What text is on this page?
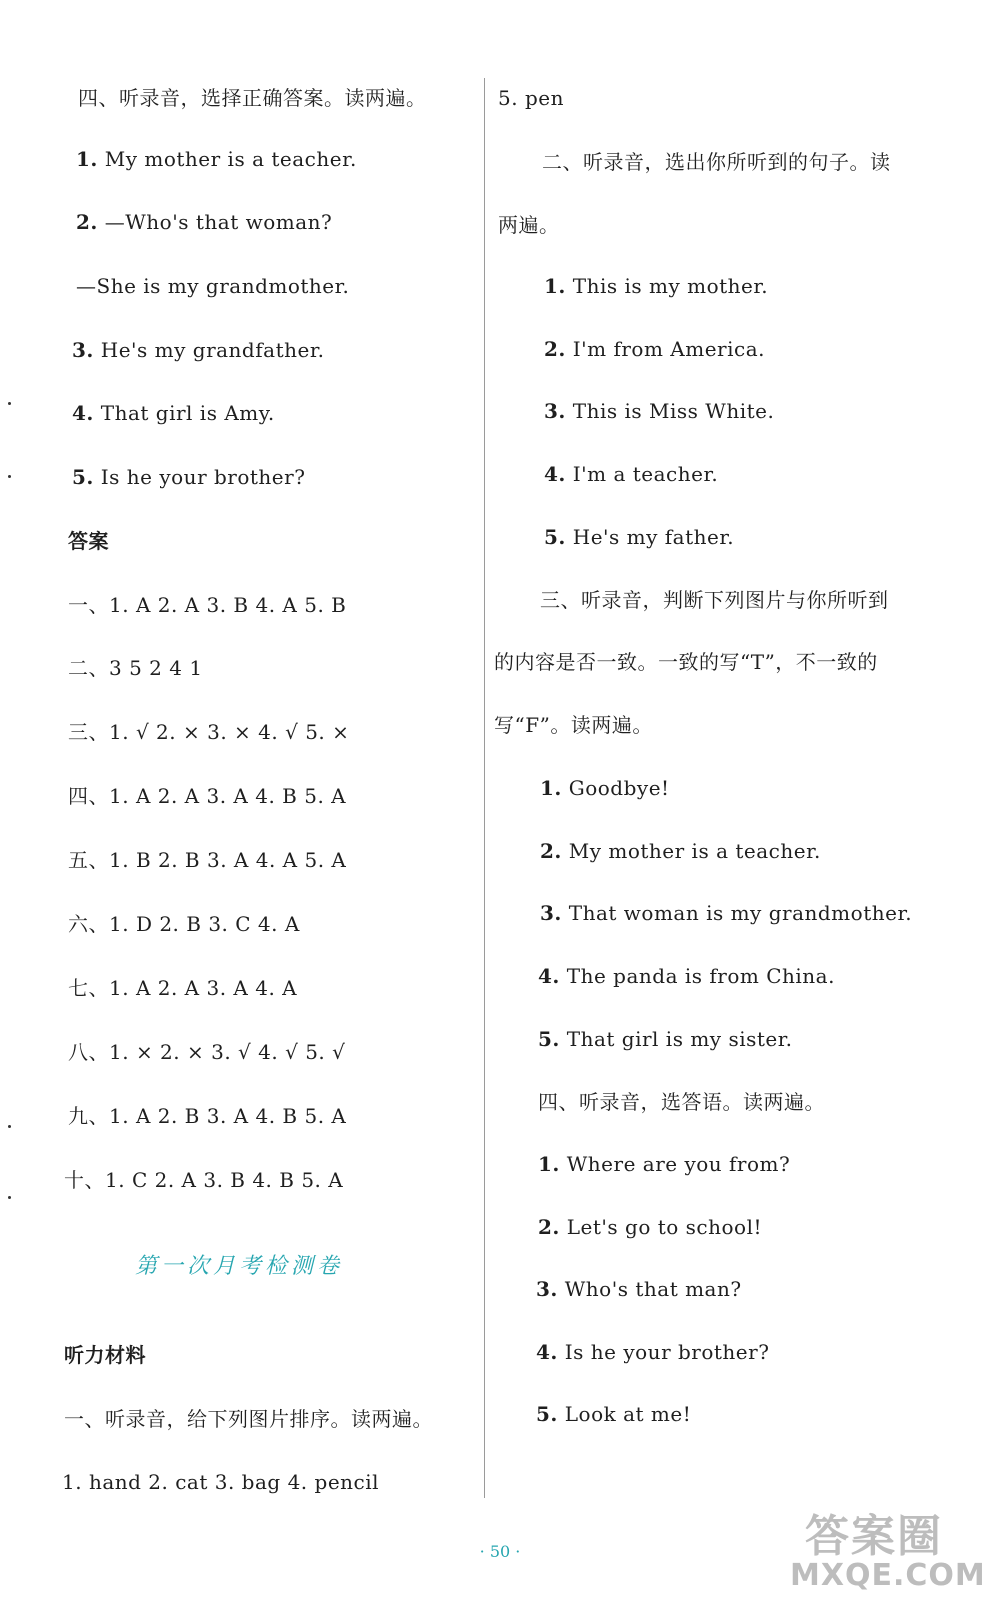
四、听录音，选择正确答案。读两遍。
1. My mother is a teacher.
2. —Who's that woman?
—She is my grandmother.
3. He's my grandfather.
4. That girl is Amy.
5. Is he your brother?
答案
一、1. A 2. A 3. B 4. A 5. B
二、3 5 2 4 1
三、1. √ 2. × 3. × 4. √ 5. ×
四、1. A 2. A 3. A 4. B 5. A
五、1. B 2. B 3. A 4. A 5. A
六、1. D 2. B 3. C 4. A
七、1. A 2. A 3. A 4. A
八、1. × 2. × 3. √ 4. √ 5. √
九、1. A 2. B 3. A 4. B 5. A
十、1. C 2. A 3. B 4. B 5. A
第一次月考检测卷
听力材料
一、听录音，给下列图片排序。读两遍。
1. hand 2. cat 3. bag 4. pencil
5. pen
二、听录音，选出你所听到的句子。读
两遍。
1. This is my mother.
2. I'm from America.
3. This is Miss White.
4. I'm a teacher.
5. He's my father.
三、听录音，判断下列图片与你所听到
的内容是否一致。一致的写“T”，不一致的
写“F”。读两遍。
1. Goodbye!
2. My mother is a teacher.
3. That woman is my grandmother.
4. The panda is from China.
5. That girl is my sister.
四、听录音，选答语。读两遍。
1. Where are you from?
2. Let's go to school!
3. Who's that man?
4. Is he your brother?
5. Look at me!
· 50 ·	答案圈
MXQE.COM
